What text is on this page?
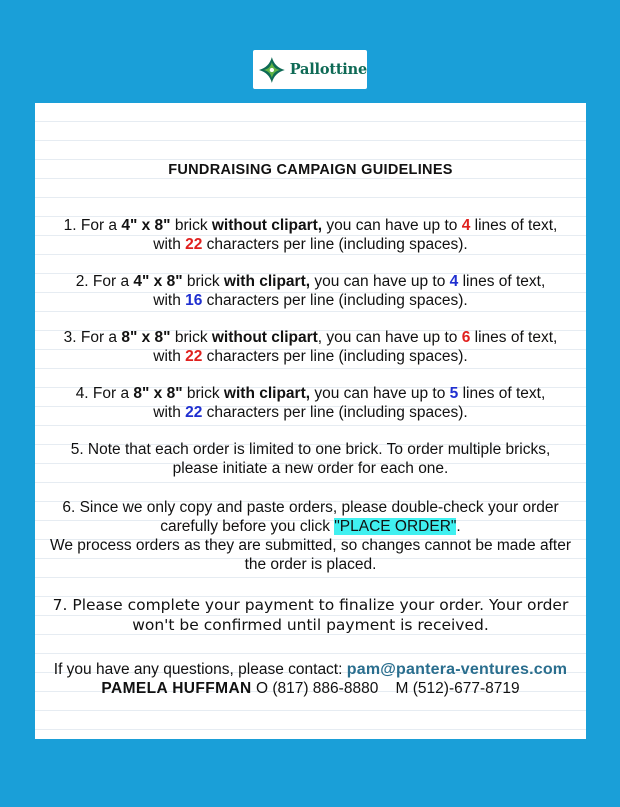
Pallottine
FUNDRAISING CAMPAIGN GUIDELINES
1. For a 4" x 8" brick without clipart, you can have up to 4 lines of text,
with 22 characters per line (including spaces).
2. For a 4" x 8" brick with clipart, you can have up to 4 lines of text,
with 16 characters per line (including spaces).
3. For a 8" x 8" brick without clipart, you can have up to 6 lines of text,
with 22 characters per line (including spaces).
4. For a 8" x 8" brick with clipart, you can have up to 5 lines of text,
with 22 characters per line (including spaces).
5. Note that each order is limited to one brick. To order multiple bricks,
please initiate a new order for each one.
6. Since we only copy and paste orders, please double-check your order
carefully before you click "PLACE ORDER".
We process orders as they are submitted, so changes cannot be made after
the order is placed.
7. Please complete your payment to finalize your order. Your order
won't be confirmed until payment is received.
If you have any questions, please contact: pam@pantera-ventures.com PAMELA HUFFMAN O (817) 886-8880    M (512)-677-8719
